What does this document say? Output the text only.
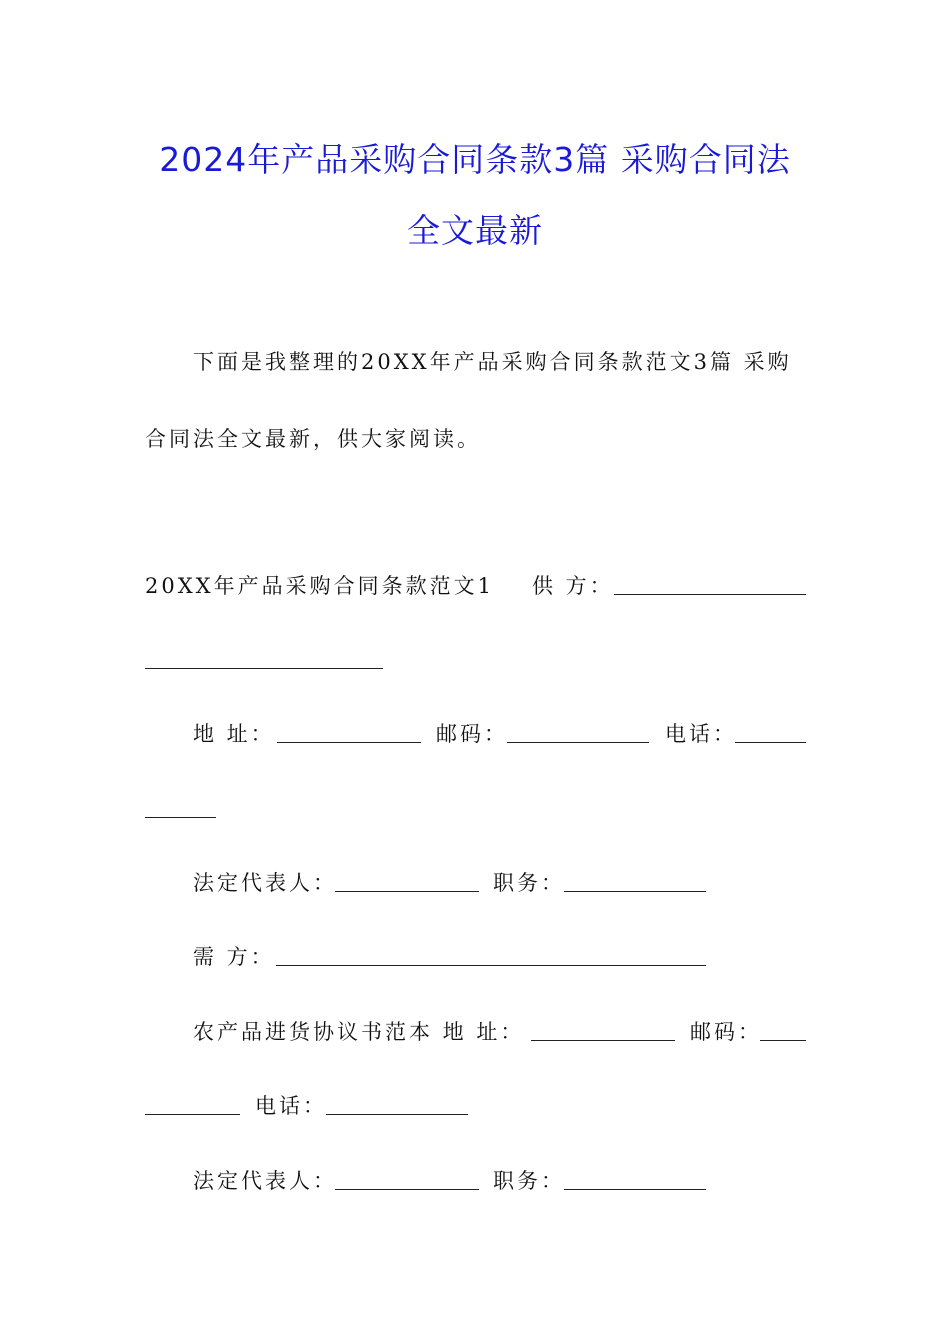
2024年产品采购合同条款3篇 采购合同法
全文最新
下面是我整理的20XX年产品采购合同条款范文3篇 采购
合同法全文最新，供大家阅读。
20XX年产品采购合同条款范文1 供 方：
地 址：	邮码：	电话：
法定代表人：	职务：
需 方：
农产品进货协议书范本 地 址：	邮码：
电话：
法定代表人：	职务：
